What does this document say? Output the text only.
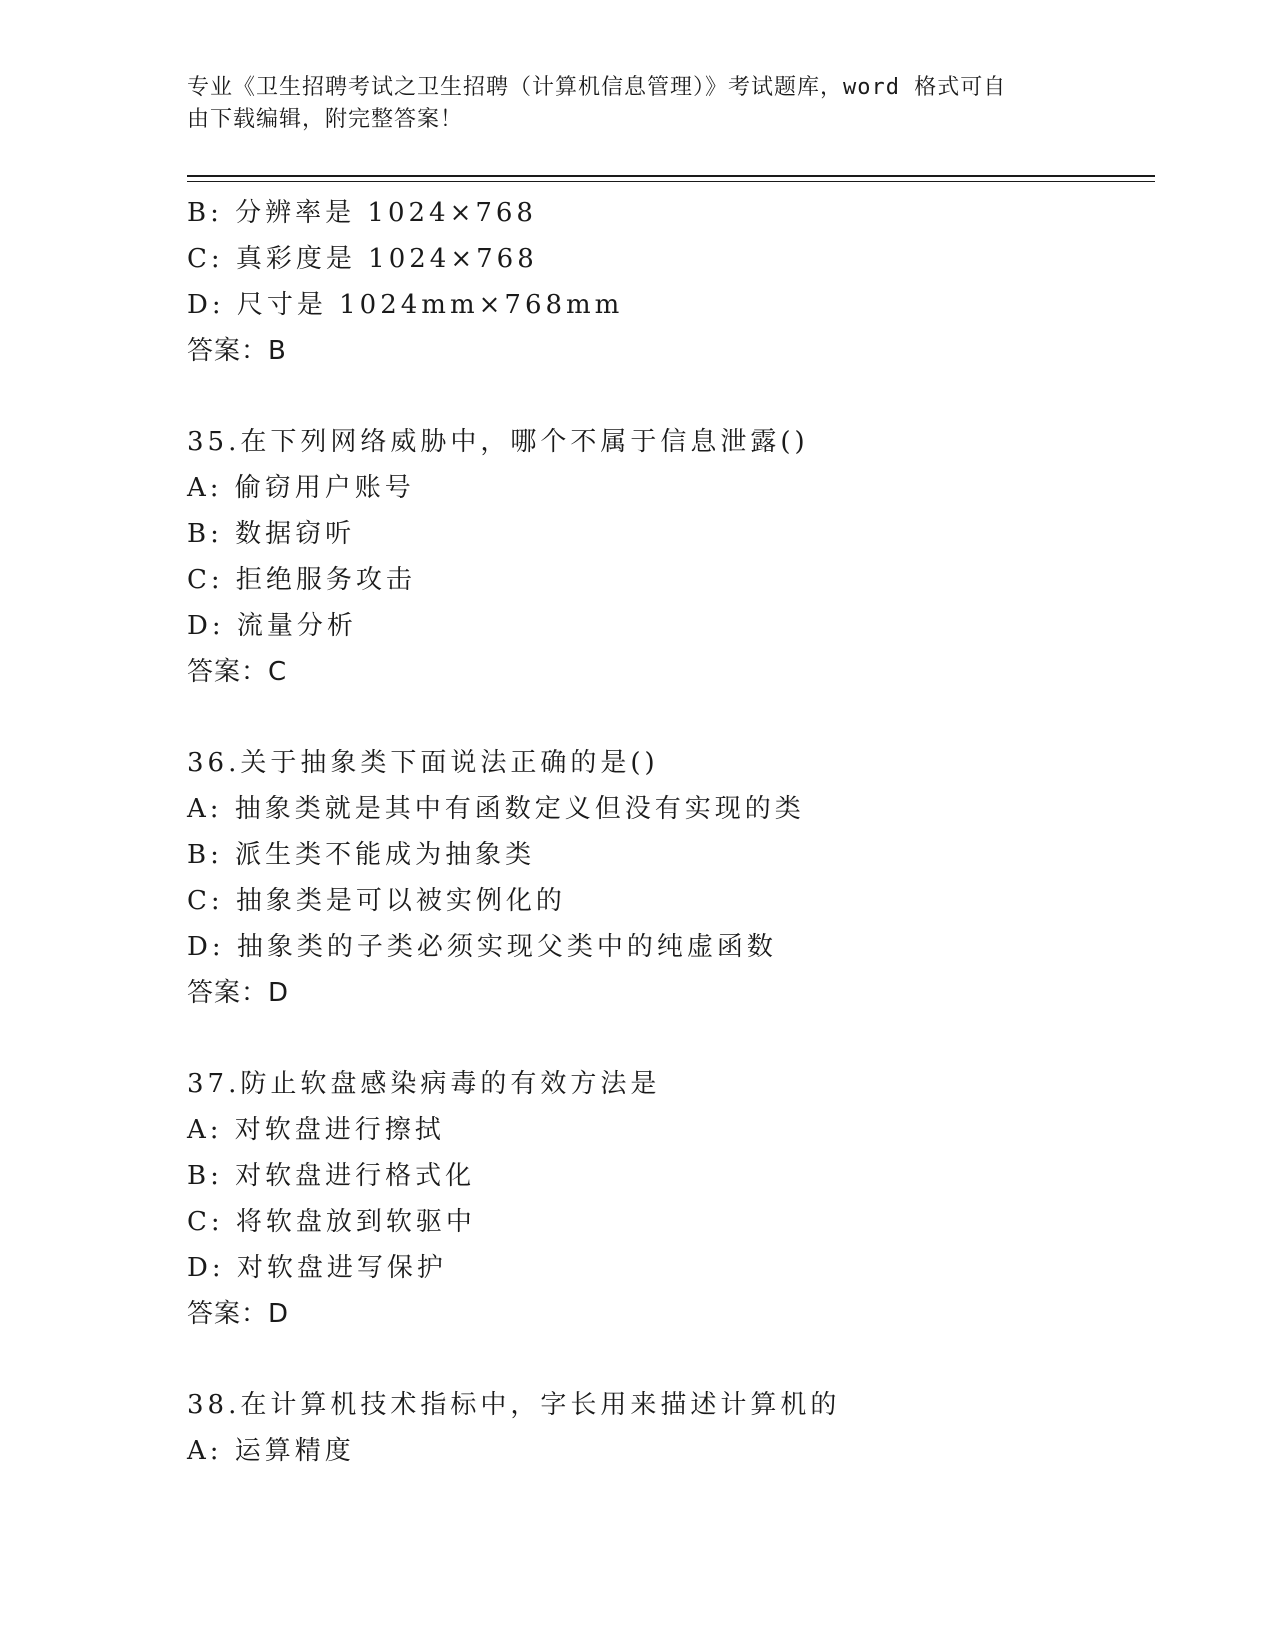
专业《卫生招聘考试之卫生招聘（计算机信息管理）》考试题库，word 格式可自
由下载编辑，附完整答案！
B: 分辨率是 1024×768
C: 真彩度是 1024×768
D: 尺寸是 1024mm×768mm
答案：B
35.在下列网络威胁中，哪个不属于信息泄露()
A: 偷窃用户账号
B: 数据窃听
C: 拒绝服务攻击
D: 流量分析
答案：C
36.关于抽象类下面说法正确的是()
A: 抽象类就是其中有函数定义但没有实现的类
B: 派生类不能成为抽象类
C: 抽象类是可以被实例化的
D: 抽象类的子类必须实现父类中的纯虚函数
答案：D
37.防止软盘感染病毒的有效方法是
A: 对软盘进行擦拭
B: 对软盘进行格式化
C: 将软盘放到软驱中
D: 对软盘进写保护
答案：D
38.在计算机技术指标中，字长用来描述计算机的
A: 运算精度
